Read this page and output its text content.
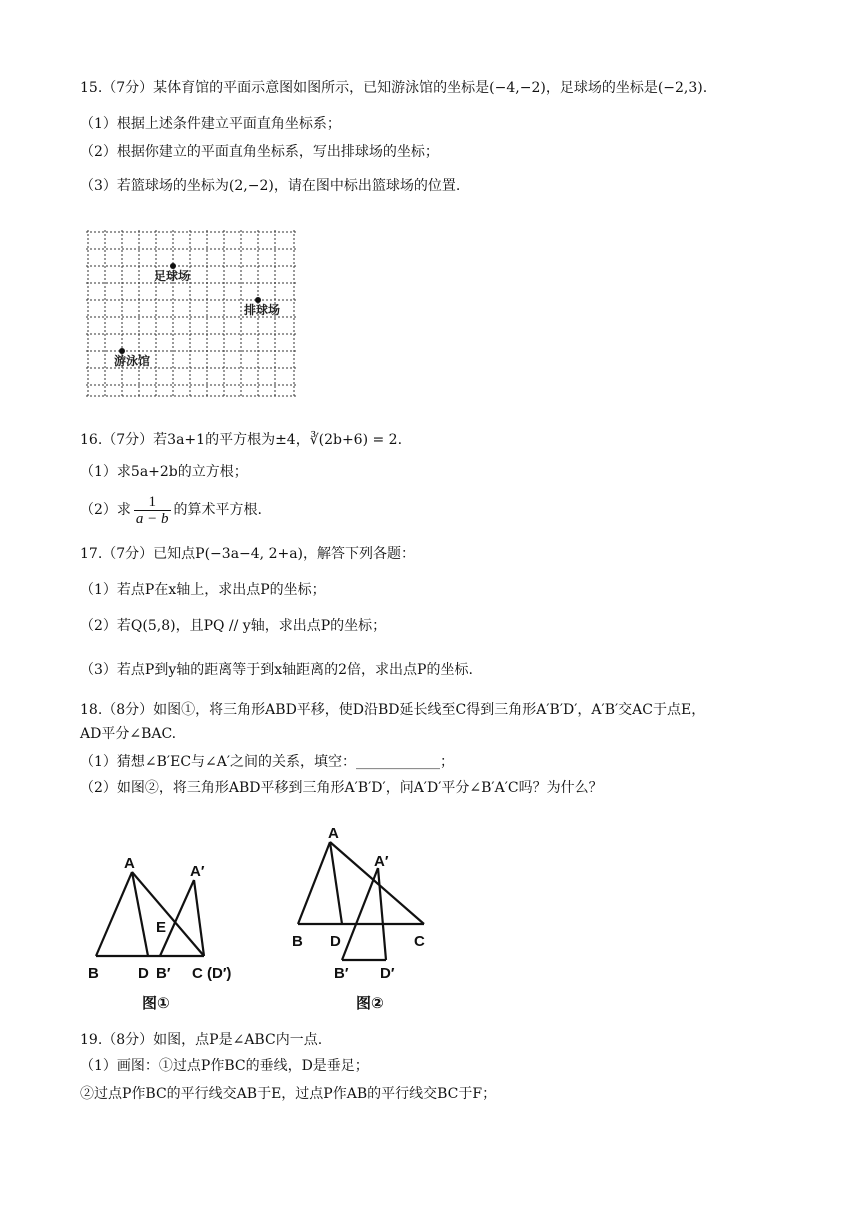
15.（7分）某体育馆的平面示意图如图所示，已知游泳馆的坐标是(−4,−2)，足球场的坐标是(−2,3).
（1）根据上述条件建立平面直角坐标系；
（2）根据你建立的平面直角坐标系，写出排球场的坐标；
（3）若篮球场的坐标为(2,−2)，请在图中标出篮球场的位置.
足球场
排球场
游泳馆
16.（7分）若3a+1的平方根为±4，∛(2b+6) = 2.
（1）求5a+2b的立方根；
（2）求 $\frac{1}{a - b}$ 的算术平方根.
17.（7分）已知点P(−3a−4, 2+a)，解答下列各题：
（1）若点P在x轴上，求出点P的坐标；
（2）若Q(5,8)，且PQ // y轴，求出点P的坐标；
（3）若点P到y轴的距离等于到x轴距离的2倍，求出点P的坐标.
18.（8分）如图①，将三角形ABD平移，使D沿BD延长线至C得到三角形A′B′D′，A′B′交AC于点E，
AD平分∠BAC.
（1）猜想∠B′EC与∠A′之间的关系，填空：____________；
（2）如图②，将三角形ABD平移到三角形A′B′D′，问A′D′平分∠B′A′C吗？为什么？
A	A′
E
B	D B′ C (D′)
图①
A
A′
B D	C
B′ D′
图②
19.（8分）如图，点P是∠ABC内一点.
（1）画图：①过点P作BC的垂线，D是垂足；
②过点P作BC的平行线交AB于E，过点P作AB的平行线交BC于F；
